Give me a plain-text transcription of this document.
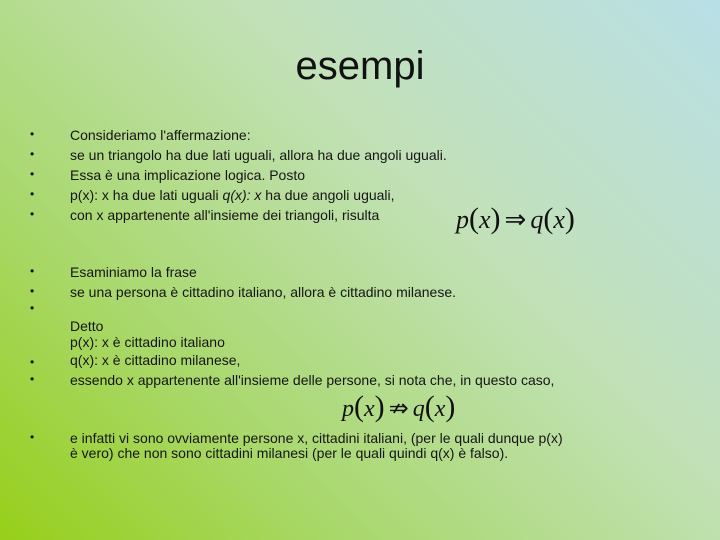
esempi
•
•
•
•
•
•
•
•
•
•
•
Consideriamo l'affermazione:
se un triangolo ha due lati uguali, allora ha due angoli uguali.
Essa è una implicazione logica. Posto
p(x): x ha due lati uguali q(x): x ha due angoli uguali,
con x appartenente all'insieme dei triangoli, risulta	p(x) ⇒ q(x)
Esaminiamo la frase
se una persona è cittadino italiano, allora è cittadino milanese.
Detto
p(x): x è cittadino italiano
q(x): x è cittadino milanese,
essendo x appartenente all'insieme delle persone, si nota che, in questo caso,
p(x) ⇏ q(x)
e infatti vi sono ovviamente persone x, cittadini italiani, (per le quali dunque p(x)
è vero) che non sono cittadini milanesi (per le quali quindi q(x) è falso).
